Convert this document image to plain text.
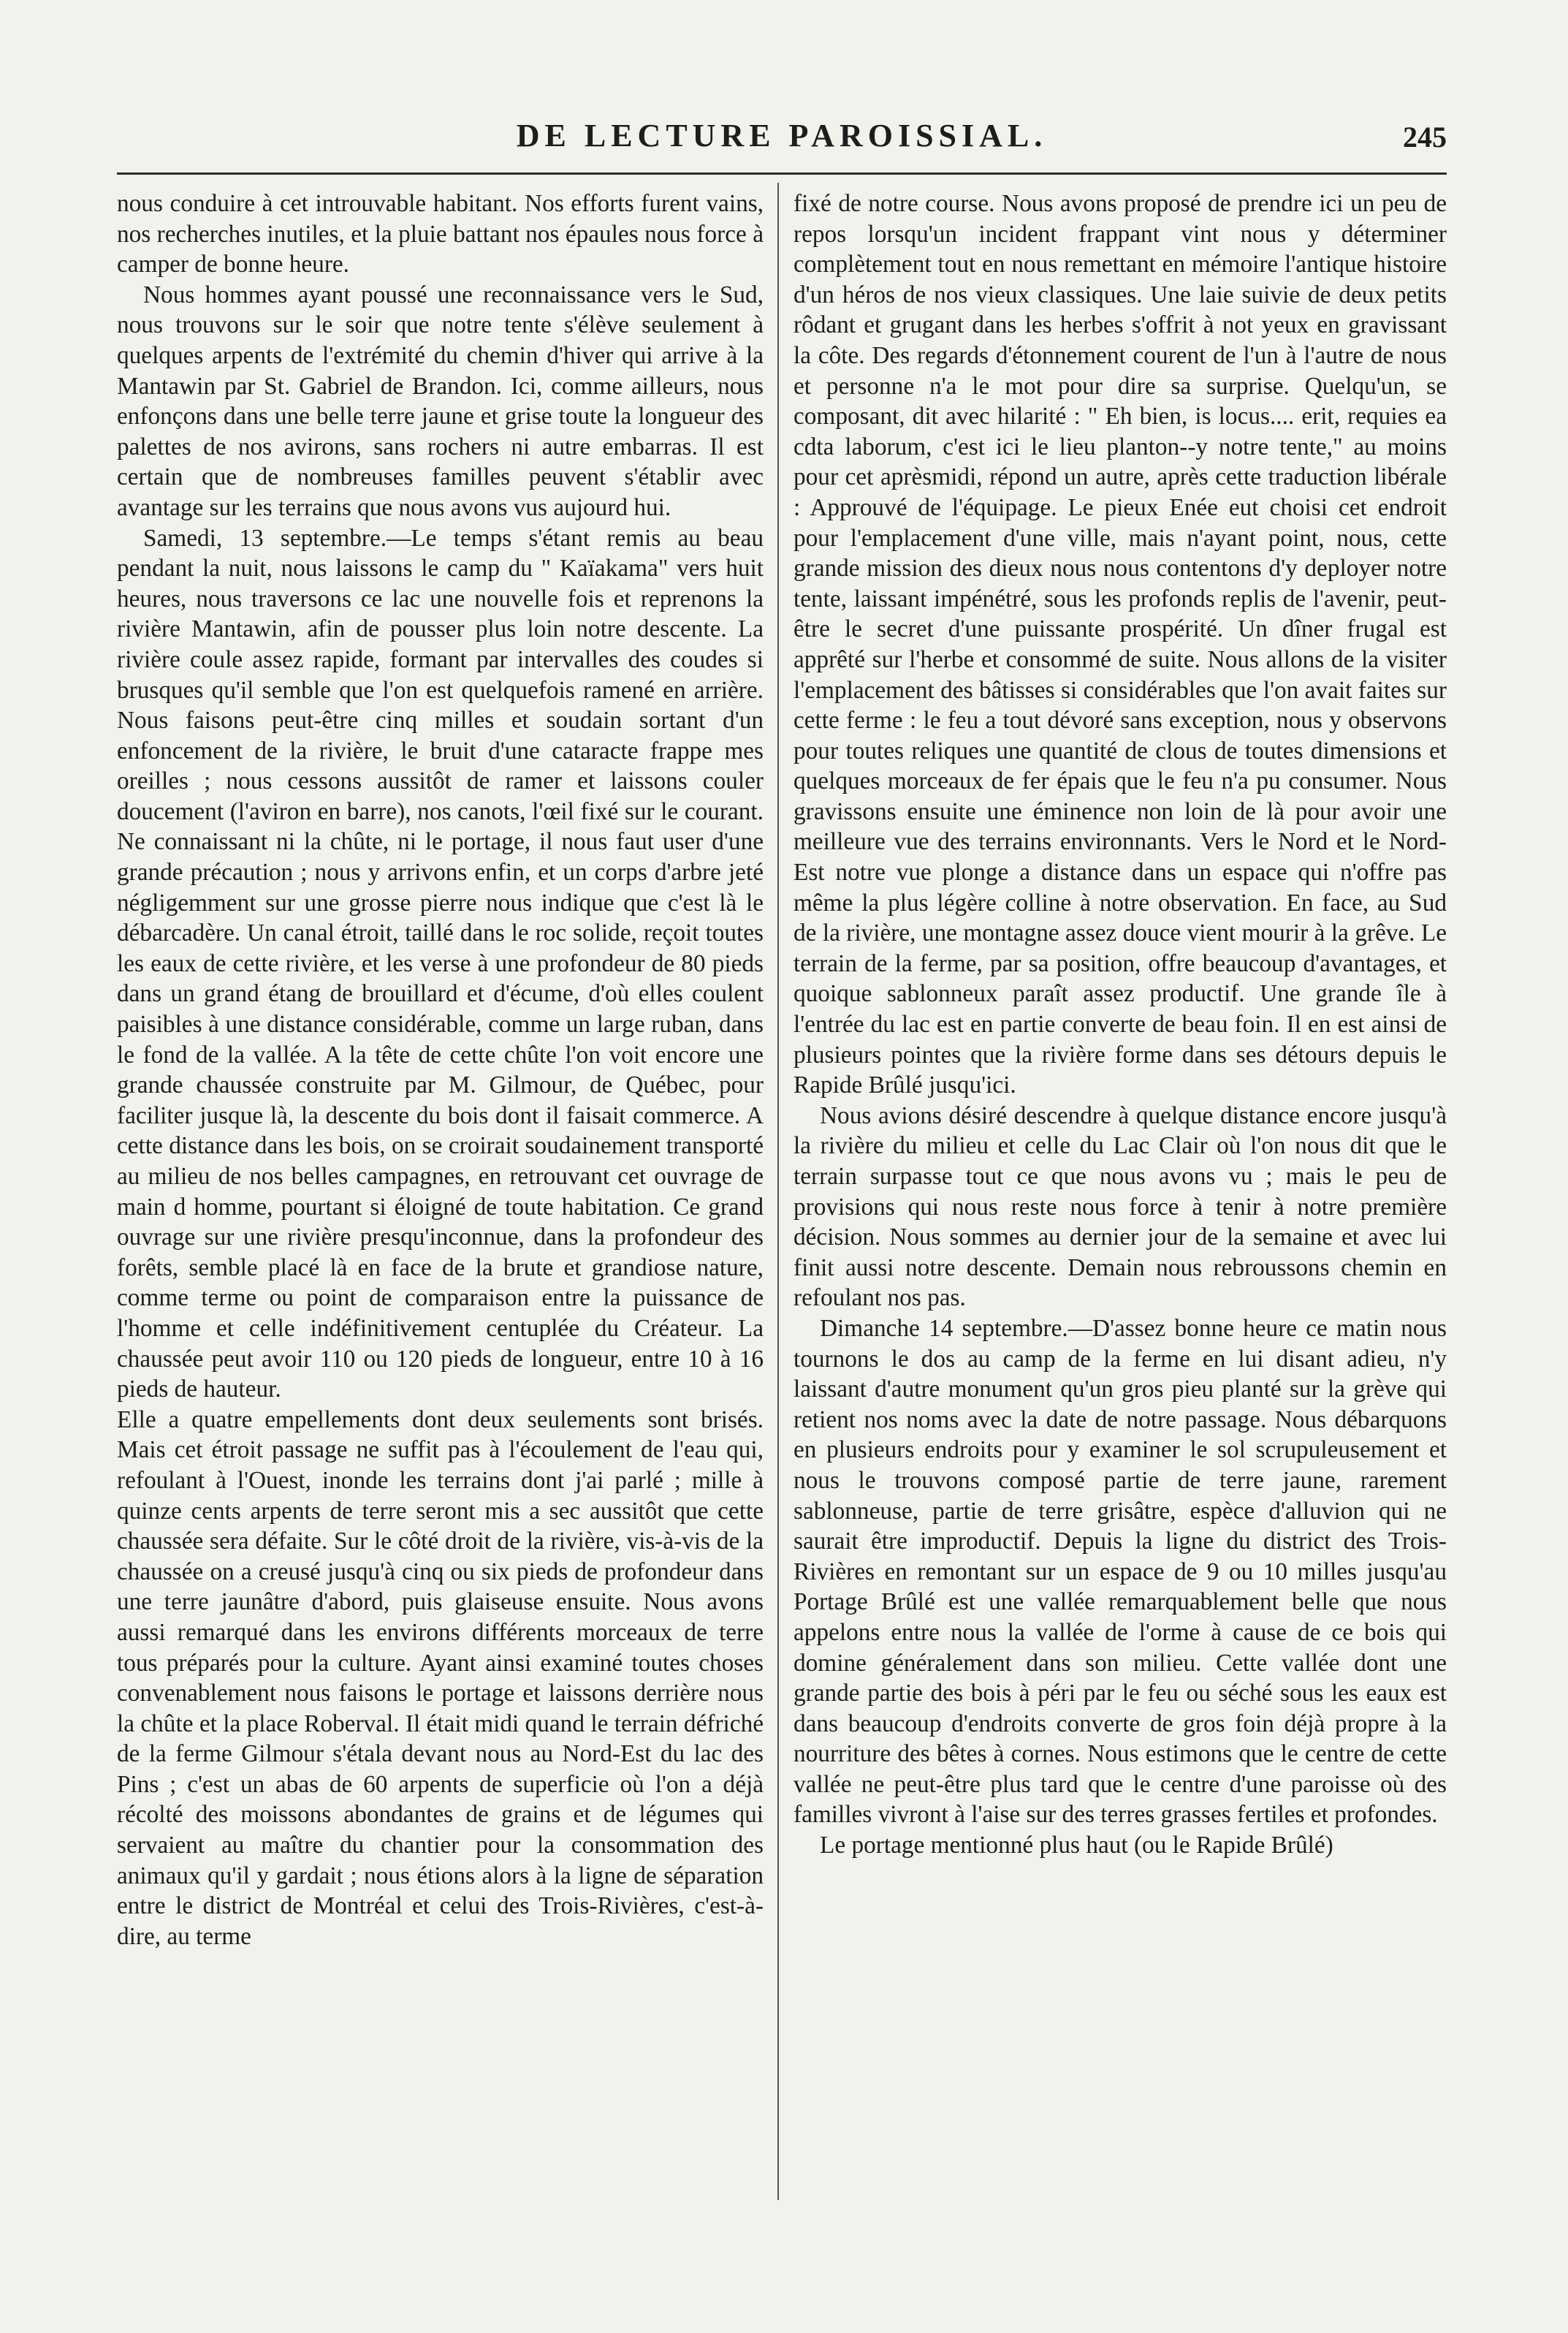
DE LECTURE PAROISSIAL.	245

nous conduire à cet introuvable habitant. Nos efforts furent vains, nos recherches inutiles, et la pluie battant nos épaules nous force à camper de bonne heure.

Nous hommes ayant poussé une reconnaissance vers le Sud, nous trouvons sur le soir que notre tente s'élève seulement à quelques arpents de l'extrémité du chemin d'hiver qui arrive à la Mantawin par St. Gabriel de Brandon. Ici, comme ailleurs, nous enfonçons dans une belle terre jaune et grise toute la longueur des palettes de nos avirons, sans rochers ni autre embarras. Il est certain que de nombreuses familles peuvent s'établir avec avantage sur les terrains que nous avons vus aujourd hui.

Samedi, 13 septembre.—Le temps s'étant remis au beau pendant la nuit, nous laissons le camp du " Kaïakama" vers huit heures, nous traversons ce lac une nouvelle fois et reprenons la rivière Mantawin, afin de pousser plus loin notre descente. La rivière coule assez rapide, formant par intervalles des coudes si brusques qu'il semble que l'on est quelquefois ramené en arrière. Nous faisons peut-être cinq milles et soudain sortant d'un enfoncement de la rivière, le bruit d'une cataracte frappe mes oreilles ; nous cessons aussitôt de ramer et laissons couler doucement (l'aviron en barre), nos canots, l'œil fixé sur le courant. Ne connaissant ni la chûte, ni le portage, il nous faut user d'une grande précaution ; nous y arrivons enfin, et un corps d'arbre jeté négligemment sur une grosse pierre nous indique que c'est là le débarcadère. Un canal étroit, taillé dans le roc solide, reçoit toutes les eaux de cette rivière, et les verse à une profondeur de 80 pieds dans un grand étang de brouillard et d'écume, d'où elles coulent paisibles à une distance considérable, comme un large ruban, dans le fond de la vallée. A la tête de cette chûte l'on voit encore une grande chaussée construite par M. Gilmour, de Québec, pour faciliter jusque là, la descente du bois dont il faisait commerce. A cette distance dans les bois, on se croirait soudainement transporté au milieu de nos belles campagnes, en retrouvant cet ouvrage de main d homme, pourtant si éloigné de toute habitation. Ce grand ouvrage sur une rivière presqu'inconnue, dans la profondeur des forêts, semble placé là en face de la brute et grandiose nature, comme terme ou point de comparaison entre la puissance de l'homme et celle indéfinitivement centuplée du Créateur. La chaussée peut avoir 110 ou 120 pieds de longueur, entre 10 à 16 pieds de hauteur.

Elle a quatre empellements dont deux seulements sont brisés. Mais cet étroit passage ne suffit pas à l'écoulement de l'eau qui, refoulant à l'Ouest, inonde les terrains dont j'ai parlé ; mille à quinze cents arpents de terre seront mis a sec aussitôt que cette chaussée sera défaite. Sur le côté droit de la rivière, vis-à-vis de la chaussée on a creusé jusqu'à cinq ou six pieds de profondeur dans une terre jaunâtre d'abord, puis glaiseuse ensuite. Nous avons aussi remarqué dans les environs différents morceaux de terre tous préparés pour la culture. Ayant ainsi examiné toutes choses convenablement nous faisons le portage et laissons derrière nous la chûte et la place Roberval. Il était midi quand le terrain défriché de la ferme Gilmour s'étala devant nous au Nord-Est du lac des Pins ; c'est un abas de 60 arpents de superficie où l'on a déjà récolté des moissons abondantes de grains et de légumes qui servaient au maître du chantier pour la consommation des animaux qu'il y gardait ; nous étions alors à la ligne de séparation entre le district de Montréal et celui des Trois-Rivières, c'est-à-dire, au terme

fixé de notre course. Nous avons proposé de prendre ici un peu de repos lorsqu'un incident frappant vint nous y déterminer complètement tout en nous remettant en mémoire l'antique histoire d'un héros de nos vieux classiques. Une laie suivie de deux petits rôdant et grugant dans les herbes s'offrit à not yeux en gravissant la côte. Des regards d'étonnement courent de l'un à l'autre de nous et personne n'a le mot pour dire sa surprise. Quelqu'un, se composant, dit avec hilarité : " Eh bien, is locus.... erit, requies ea cdta laborum, c'est ici le lieu planton--y notre tente," au moins pour cet aprèsmidi, répond un autre, après cette traduction libérale : Approuvé de l'équipage. Le pieux Enée eut choisi cet endroit pour l'emplacement d'une ville, mais n'ayant point, nous, cette grande mission des dieux nous nous contentons d'y deployer notre tente, laissant impénétré, sous les profonds replis de l'avenir, peut-être le secret d'une puissante prospérité. Un dîner frugal est apprêté sur l'herbe et consommé de suite. Nous allons de la visiter l'emplacement des bâtisses si considérables que l'on avait faites sur cette ferme : le feu a tout dévoré sans exception, nous y observons pour toutes reliques une quantité de clous de toutes dimensions et quelques morceaux de fer épais que le feu n'a pu consumer. Nous gravissons ensuite une éminence non loin de là pour avoir une meilleure vue des terrains environnants. Vers le Nord et le Nord-Est notre vue plonge a distance dans un espace qui n'offre pas même la plus légère colline à notre observation. En face, au Sud de la rivière, une montagne assez douce vient mourir à la grêve. Le terrain de la ferme, par sa position, offre beaucoup d'avantages, et quoique sablonneux paraît assez productif. Une grande île à l'entrée du lac est en partie converte de beau foin. Il en est ainsi de plusieurs pointes que la rivière forme dans ses détours depuis le Rapide Brûlé jusqu'ici.

Nous avions désiré descendre à quelque distance encore jusqu'à la rivière du milieu et celle du Lac Clair où l'on nous dit que le terrain surpasse tout ce que nous avons vu ; mais le peu de provisions qui nous reste nous force à tenir à notre première décision. Nous sommes au dernier jour de la semaine et avec lui finit aussi notre descente. Demain nous rebroussons chemin en refoulant nos pas.

Dimanche 14 septembre.—D'assez bonne heure ce matin nous tournons le dos au camp de la ferme en lui disant adieu, n'y laissant d'autre monument qu'un gros pieu planté sur la grève qui retient nos noms avec la date de notre passage. Nous débarquons en plusieurs endroits pour y examiner le sol scrupuleusement et nous le trouvons composé partie de terre jaune, rarement sablonneuse, partie de terre grisâtre, espèce d'alluvion qui ne saurait être improductif. Depuis la ligne du district des Trois-Rivières en remontant sur un espace de 9 ou 10 milles jusqu'au Portage Brûlé est une vallée remarquablement belle que nous appelons entre nous la vallée de l'orme à cause de ce bois qui domine généralement dans son milieu. Cette vallée dont une grande partie des bois à péri par le feu ou séché sous les eaux est dans beaucoup d'endroits converte de gros foin déjà propre à la nourriture des bêtes à cornes. Nous estimons que le centre de cette vallée ne peut-être plus tard que le centre d'une paroisse où des familles vivront à l'aise sur des terres grasses fertiles et profondes.

Le portage mentionné plus haut (ou le Rapide Brûlé)
